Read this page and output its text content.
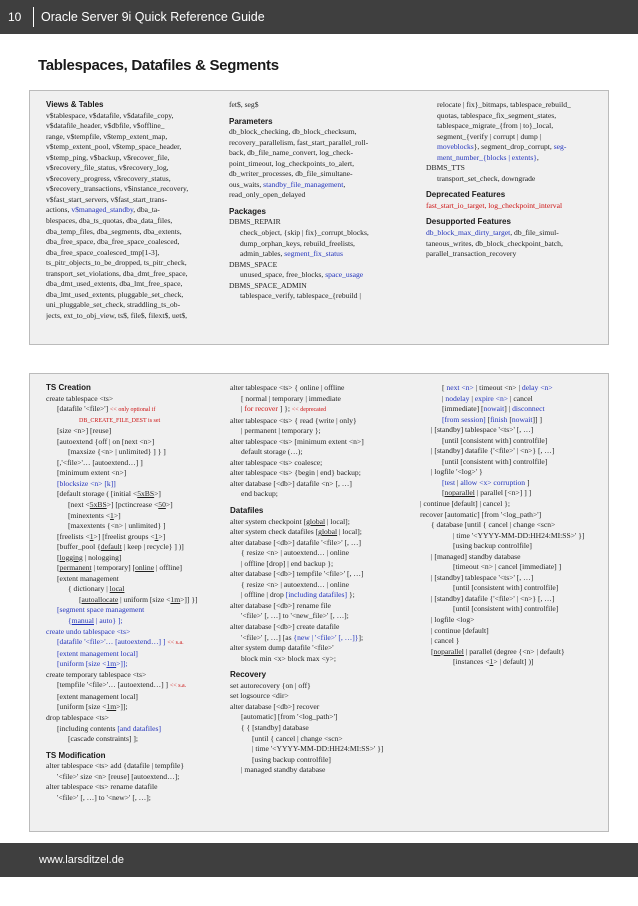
10 Oracle Server 9i Quick Reference Guide
Tablespaces, Datafiles & Segments
Views & Tables
v$tablespace, v$datafile, v$datafile_copy,
v$datafile_header, v$dbfile, v$offline_
range, v$tempfile, v$temp_extent_map,
v$temp_extent_pool, v$temp_space_header,
v$temp_ping, v$backup, v$recover_file,
v$recovery_file_status, v$recovery_log,
v$recovery_progress, v$recovery_status,
v$recovery_transactions, v$instance_recovery,
v$fast_start_servers, v$fast_start_trans-
actions, v$managed_standby, dba_ta-
blespaces, dba_ts_quotas, dba_data_files,
dba_temp_files, dba_segments, dba_extents,
dba_free_space, dba_free_space_coalesced,
dba_free_space_coalesced_tmp[1-3],
ts_pitr_objects_to_be_dropped, ts_pitr_check,
transport_set_violations, dba_dmt_free_space,
dba_dmt_used_extents, dba_lmt_free_space,
dba_lmt_used_extents, pluggable_set_check,
uni_pluggable_set_check, straddling_ts_ob-
jects, ext_to_obj_view, ts$, file$, filext$, uet$,
fet$, seg$
Parameters
db_block_checking, db_block_checksum,
recovery_parallelism, fast_start_parallel_roll-
back, db_file_name_convert, log_check-
point_timeout, log_checkpoints_to_alert,
db_writer_processes, db_file_simultane-
ous_waits, standby_file_management,
read_only_open_delayed
Packages
DBMS_REPAIR
check_object, {skip | fix}_corrupt_blocks,
dump_orphan_keys, rebuild_freelists,
admin_tables, segment_fix_status
DBMS_SPACE
unused_space, free_blocks, space_usage
DBMS_SPACE_ADMIN
tablespace_verify, tablespace_{rebuild |
relocate | fix}_bitmaps, tablespace_rebuild_
quotas, tablespace_fix_segment_states,
tablespace_migrate_{from | to}_local,
segment_{verify | corrupt | dump |
moveblocks}, segment_drop_corrupt, seg-
ment_number_{blocks | extents},
DBMS_TTS
transport_set_check, downgrade
Deprecated Features
fast_start_io_target, log_checkpoint_interval
Desupported Features
db_block_max_dirty_target, db_file_simul-
taneous_writes, db_block_checkpoint_batch,
parallel_transaction_recovery
TS Creation
create tablespace <ts>
[datafile '<file>'] << only optional if
DB_CREATE_FILE_DEST is set
[size <n>] [reuse]
[autoextend {off | on [next <n>]
[maxsize {<n> | unlimited} ] } ]
[,'<file>'… [autoextend…] ]
[minimum extent <n>]
[blocksize <n> [k]]
[default storage ( [initial <5xBS>]
[next <5xBS>] [pctincrease <50>]
[minextents <1>]
[maxextents {<n> | unlimited} ]
[freelists <1>] [freelist groups <1>]
[buffer_pool {default | keep | recycle} ] )]
[logging | nologging]
[permanent | temporary] [online | offline]
[extent management
{ dictionary | local
[autoallocate | uniform [size <1m>]] }]
[segment space management
{manual | auto} ];
create undo tablespace <ts>
[datafile '<file>'… [autoextend…] ] << s.a.
[extent management local]
[uniform [size <1m>]];
create temporary tablespace <ts>
[tempfile '<file>'… [autoextend…] ] << s.a.
[extent management local]
[uniform [size <1m>]];
drop tablespace <ts>
[including contents [and datafiles]
[cascade constraints] ];
TS Modification
alter tablespace <ts> add {datafile | tempfile}
'<file>' size <n> [reuse] [autoextend…];
alter tablespace <ts> rename datafile
'<file>' [, …] to '<new>' [, …];
alter tablespace <ts> { online | offline
[ normal | temporary | immediate
| for recover ] }; << deprecated
alter tablespace <ts> { read {write | only}
| permanent | temporary };
alter tablespace <ts> [minimum extent <n>]
default storage (…);
alter tablespace <ts> coalesce;
alter tablespace <ts> {begin | end} backup;
alter database [<db>] datafile <n> [, …]
end backup;
Datafiles
alter system checkpoint [global | local];
alter system check datafiles [global | local];
alter database [<db>] datafile '<file>' [, …]
{ resize <n> | autoextend… | online
| offline [drop] | end backup };
alter database [<db>] tempfile '<file>' [, …]
{ resize <n> | autoextend… | online
| offline | drop [including datafiles] };
alter database [<db>] rename file
'<file>' [, …] to '<new_file>' [, …];
alter database [<db>] create datafile
'<file>' [, …] [as {new | '<file>' [, …]}];
alter system dump datafile '<file>'
block min <x> block max <y>;
Recovery
set autorecovery {on | off}
set logsource <dir>
alter database [<db>] recover
[automatic] [from '<log_path>']
{ { [standby] database
[until { cancel | change <scn>
| time '<YYYY-MM-DD:HH24:MI:SS>' }]
[using backup controlfile]
| managed standby database
[ next <n> | timeout <n> | delay <n>
| nodelay | expire <n> | cancel
[immediate] [nowait] | disconnect
[from session] [finish [nowait]] ]
| [standby] tablespace '<ts>' [, …]
[until [consistent with] controlfile]
| [standby] datafile {'<file>' | <n>} [, …]
[until [consistent with] controlfile]
| logfile '<log>' }
[test | allow <x> corruption ]
[noparallel | parallel [<n>] ] ]
| continue [default] | cancel };
recover [automatic] [from '<log_path>']
{ database [until { cancel | change <scn>
| time '<YYYY-MM-DD:HH24:MI:SS>' }]
[using backup controlfile]
| [managed] standby database
[timeout <n> | cancel [immediate] ]
| [standby] tablespace '<ts>' [, …]
[until [consistent with] controlfile]
| [standby] datafile {'<file>' | <n>} [, …]
[until [consistent with] controlfile]
| logfile <log>
| continue [default]
| cancel }
[noparallel | parallel (degree {<n> | default}
[instances <1> | default] )]
www.larsditzel.de
